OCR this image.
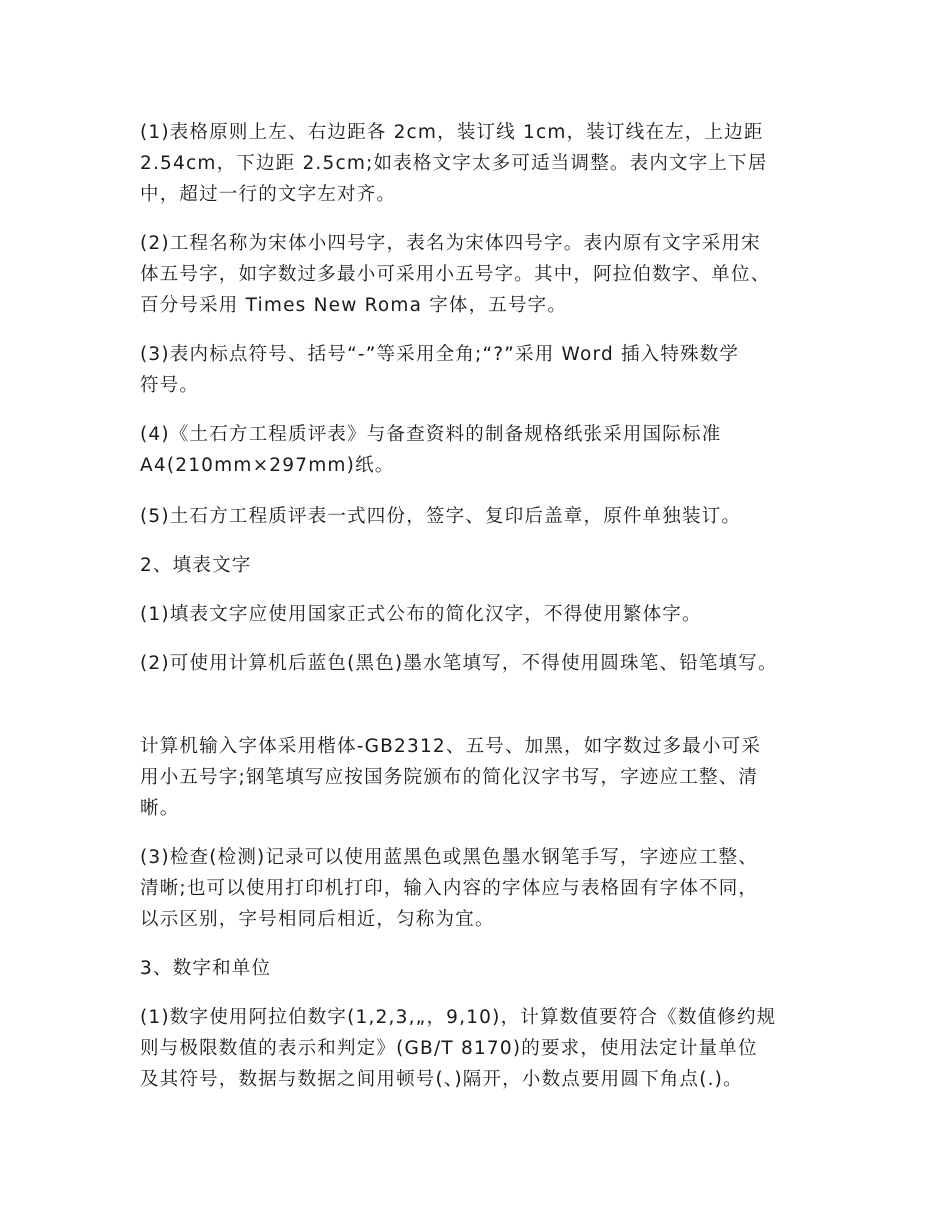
(1)表格原则上左、右边距各 2cm，装订线 1cm，装订线在左，上边距
2.54cm，下边距 2.5cm;如表格文字太多可适当调整。表内文字上下居
中，超过一行的文字左对齐。
(2)工程名称为宋体小四号字，表名为宋体四号字。表内原有文字采用宋
体五号字，如字数过多最小可采用小五号字。其中，阿拉伯数字、单位、
百分号采用 Times New Roma 字体，五号字。
(3)表内标点符号、括号“-”等采用全角;“?”采用 Word 插入特殊数学
符号。
(4)《土石方工程质评表》与备查资料的制备规格纸张采用国际标准
A4(210mm×297mm)纸。
(5)土石方工程质评表一式四份，签字、复印后盖章，原件单独装订。
2、填表文字
(1)填表文字应使用国家正式公布的简化汉字，不得使用繁体字。
(2)可使用计算机后蓝色(黑色)墨水笔填写，不得使用圆珠笔、铅笔填写。
计算机输入字体采用楷体-GB2312、五号、加黑，如字数过多最小可采
用小五号字;钢笔填写应按国务院颁布的简化汉字书写，字迹应工整、清
晰。
(3)检查(检测)记录可以使用蓝黑色或黑色墨水钢笔手写，字迹应工整、
清晰;也可以使用打印机打印，输入内容的字体应与表格固有字体不同，
以示区别，字号相同后相近，匀称为宜。
3、数字和单位
(1)数字使用阿拉伯数字(1,2,3,„，9,10)，计算数值要符合《数值修约规
则与极限数值的表示和判定》(GB/T 8170)的要求，使用法定计量单位
及其符号，数据与数据之间用顿号(、)隔开，小数点要用圆下角点(.)。
